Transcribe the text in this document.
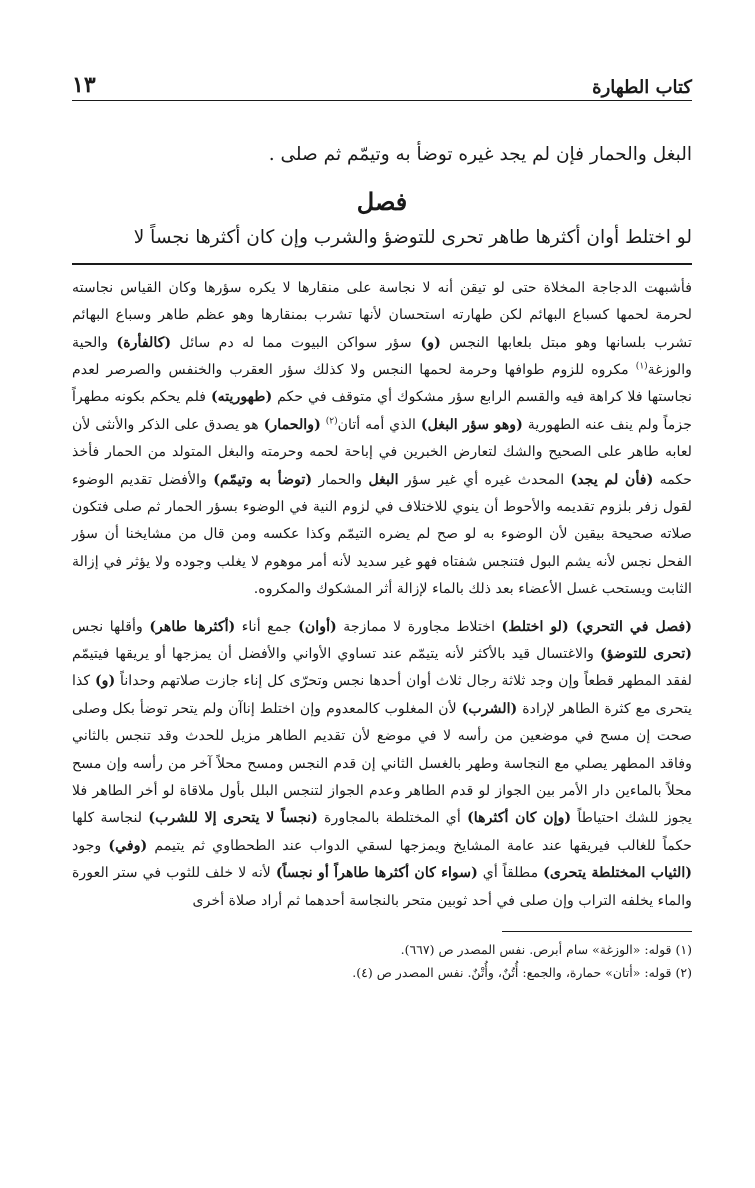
كتاب الطهارة
١٣
البغل والحمار فإن لم يجد غيره توضأ به وتيمّم ثم صلى .
فصل
لو اختلط أوان أكثرها طاهر تحرى للتوضؤ والشرب وإن كان أكثرها نجساً لا

فأشبهت الدجاجة المخلاة حتى لو تيقن أنه لا نجاسة على منقارها لا يكره سؤرها وكان القياس نجاسته لحرمة لحمها كسباع البهائم لكن طهارته استحسان لأنها تشرب بمنقارها وهو عظم طاهر وسباع البهائم تشرب بلسانها وهو مبتل بلعابها النجس (و) سؤر سواكن البيوت مما له دم سائل (كالفأرة) والحية والوزغة$^{(١)}$ مكروه للزوم طوافها وحرمة لحمها النجس ولا كذلك سؤر العقرب والخنفس والصرصر لعدم نجاستها فلا كراهة فيه والقسم الرابع سؤر مشكوك أي متوقف في حكم (طهوريته) فلم يحكم بكونه مطهراً جزماً ولم ينف عنه الطهورية (وهو سؤر البغل) الذي أمه أتان$^{(٢)}$ (والحمار) هو يصدق على الذكر والأنثى لأن لعابه طاهر على الصحيح والشك لتعارض الخبرين في إباحة لحمه وحرمته والبغل المتولد من الحمار فأخذ حكمه (فأن لم يجد) المحدث غيره أي غير سؤر البغل والحمار (توضأ به وتيمّم) والأفضل تقديم الوضوء لقول زفر بلزوم تقديمه والأحوط أن ينوي للاختلاف في لزوم النية في الوضوء بسؤر الحمار ثم صلى فتكون صلاته صحيحة بيقين لأن الوضوء به لو صح لم يضره التيمّم وكذا عكسه ومن قال من مشايخنا أن سؤر الفحل نجس لأنه يشم البول فتنجس شفتاه فهو غير سديد لأنه أمر موهوم لا يغلب وجوده ولا يؤثر في إزالة الثابت ويستحب غسل الأعضاء بعد ذلك بالماء لإزالة أثر المشكوك والمكروه.

(فصل في التحري) (لو اختلط) اختلاط مجاورة لا ممازجة (أوان) جمع أناء (أكثرها طاهر) وأقلها نجس (تحرى للتوضؤ) والاغتسال قيد بالأكثر لأنه يتيمّم عند تساوي الأواني والأفضل أن يمزجها أو يريقها فيتيمّم لفقد المطهر قطعاً وإن وجد ثلاثة رجال ثلاث أوان أحدها نجس وتحرّى كل إناء جازت صلاتهم وحداناً (و) كذا يتحرى مع كثرة الطاهر لإرادة (الشرب) لأن المغلوب كالمعدوم وإن اختلط إناآن ولم يتحر توضأ بكل وصلى صحت إن مسح في موضعين من رأسه لا في موضع لأن تقديم الطاهر مزيل للحدث وقد تنجس بالثاني وفاقد المطهر يصلي مع النجاسة وطهر بالغسل الثاني إن قدم النجس ومسح محلاً آخر من رأسه وإن مسح محلاً بالماءين دار الأمر بين الجواز لو قدم الطاهر وعدم الجواز لتنجس البلل بأول ملاقاة لو أخر الطاهر فلا يجوز للشك احتياطاً (وإن كان أكثرها) أي المختلطة بالمجاورة (نجساً لا يتحرى إلا للشرب) لنجاسة كلها حكماً للغالب فيريقها عند عامة المشايخ ويمزجها لسقي الدواب عند الطحطاوي ثم يتيمم (وفي) وجود (الثياب المختلطة يتحرى) مطلقاً أي (سواء كان أكثرها طاهراً أو نجساً) لأنه لا خلف للثوب في ستر العورة والماء يخلفه التراب وإن صلى في أحد ثوبين متحر بالنجاسة أحدهما ثم أراد صلاة أخرى

(١) قوله: «الوزغة» سام أبرص. نفس المصدر ص (٦٦٧).

(٢) قوله: «أتان» حمارة، والجمع: أُتُنٌ، وأُتْنٌ. نفس المصدر ص (٤).
